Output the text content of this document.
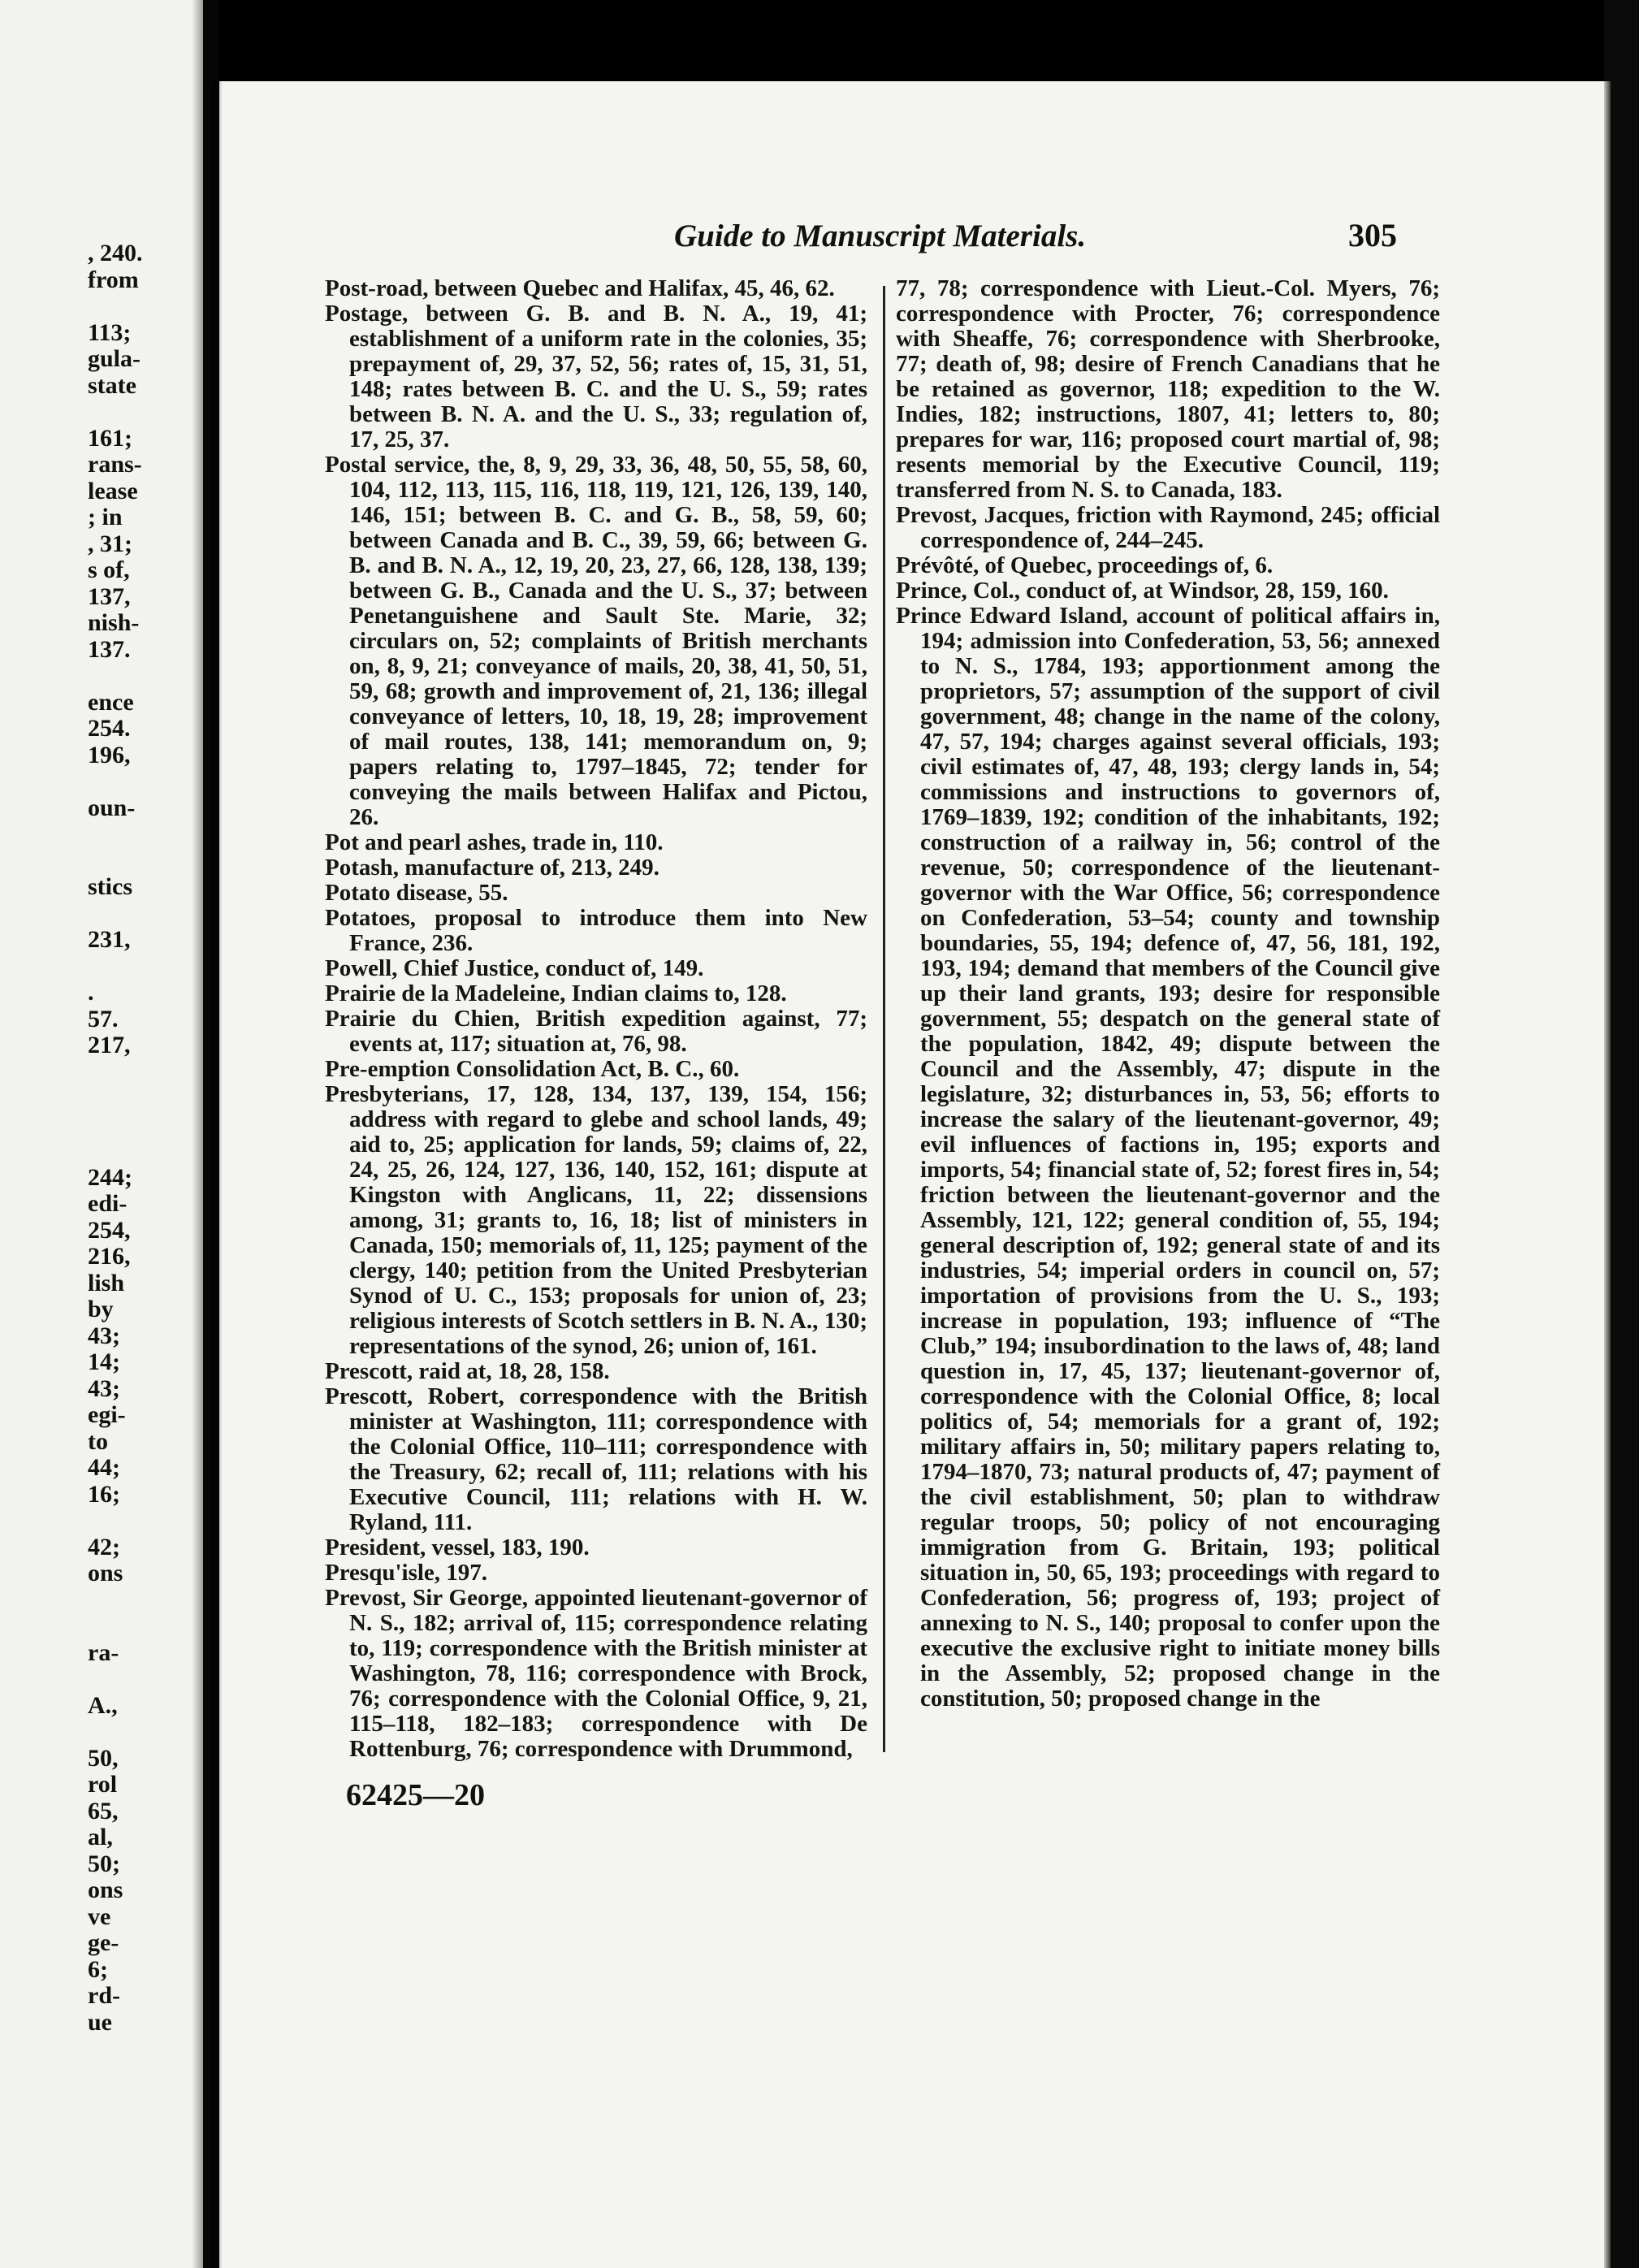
, 240.
from
113;
gula-
state
161;
rans-
lease
; in
, 31;
s of,
137,
nish-
137.
ence
254.
196,
oun-
stics
231,
.
57.
217,
244;
edi-
254,
216,
lish
by
43;
14;
43;
egi-
to
44;
16;
42;
ons
ra-
A.,
50,
rol
65,
al,
50;
ons
ve
ge-
6;
rd-
ue
Guide to Manuscript Materials.	305

Post-road, between Quebec and Halifax, 45, 46, 62.

Postage, between G. B. and B. N. A., 19, 41; establishment of a uniform rate in the colonies, 35; prepayment of, 29, 37, 52, 56; rates of, 15, 31, 51, 148; rates between B. C. and the U. S., 59; rates between B. N. A. and the U. S., 33; regulation of, 17, 25, 37.

Postal service, the, 8, 9, 29, 33, 36, 48, 50, 55, 58, 60, 104, 112, 113, 115, 116, 118, 119, 121, 126, 139, 140, 146, 151; between B. C. and G. B., 58, 59, 60; between Canada and B. C., 39, 59, 66; between G. B. and B. N. A., 12, 19, 20, 23, 27, 66, 128, 138, 139; between G. B., Canada and the U. S., 37; between Penetanguishene and Sault Ste. Marie, 32; circulars on, 52; complaints of British merchants on, 8, 9, 21; conveyance of mails, 20, 38, 41, 50, 51, 59, 68; growth and improvement of, 21, 136; illegal conveyance of letters, 10, 18, 19, 28; improvement of mail routes, 138, 141; memorandum on, 9; papers relating to, 1797–1845, 72; tender for conveying the mails between Halifax and Pictou, 26.

Pot and pearl ashes, trade in, 110.

Potash, manufacture of, 213, 249.

Potato disease, 55.

Potatoes, proposal to introduce them into New France, 236.

Powell, Chief Justice, conduct of, 149.

Prairie de la Madeleine, Indian claims to, 128.

Prairie du Chien, British expedition against, 77; events at, 117; situation at, 76, 98.

Pre-emption Consolidation Act, B. C., 60.

Presbyterians, 17, 128, 134, 137, 139, 154, 156; address with regard to glebe and school lands, 49; aid to, 25; application for lands, 59; claims of, 22, 24, 25, 26, 124, 127, 136, 140, 152, 161; dispute at Kingston with Anglicans, 11, 22; dissensions among, 31; grants to, 16, 18; list of ministers in Canada, 150; memorials of, 11, 125; payment of the clergy, 140; petition from the United Presbyterian Synod of U. C., 153; proposals for union of, 23; religious interests of Scotch settlers in B. N. A., 130; representations of the synod, 26; union of, 161.

Prescott, raid at, 18, 28, 158.

Prescott, Robert, correspondence with the British minister at Washington, 111; correspondence with the Colonial Office, 110–111; correspondence with the Treasury, 62; recall of, 111; relations with his Executive Council, 111; relations with H. W. Ryland, 111.

President, vessel, 183, 190.

Presqu'isle, 197.

Prevost, Sir George, appointed lieutenant-governor of N. S., 182; arrival of, 115; correspondence relating to, 119; correspondence with the British minister at Washington, 78, 116; correspondence with Brock, 76; correspondence with the Colonial Office, 9, 21, 115–118, 182–183; correspondence with De Rottenburg, 76; correspondence with Drummond,

77, 78; correspondence with Lieut.-Col. Myers, 76; correspondence with Procter, 76; correspondence with Sheaffe, 76; correspondence with Sherbrooke, 77; death of, 98; desire of French Canadians that he be retained as governor, 118; expedition to the W. Indies, 182; instructions, 1807, 41; letters to, 80; prepares for war, 116; proposed court martial of, 98; resents memorial by the Executive Council, 119; transferred from N. S. to Canada, 183.

Prevost, Jacques, friction with Raymond, 245; official correspondence of, 244–245.

Prévôté, of Quebec, proceedings of, 6.

Prince, Col., conduct of, at Windsor, 28, 159, 160.

Prince Edward Island, account of political affairs in, 194; admission into Confederation, 53, 56; annexed to N. S., 1784, 193; apportionment among the proprietors, 57; assumption of the support of civil government, 48; change in the name of the colony, 47, 57, 194; charges against several officials, 193; civil estimates of, 47, 48, 193; clergy lands in, 54; commissions and instructions to governors of, 1769–1839, 192; condition of the inhabitants, 192; construction of a railway in, 56; control of the revenue, 50; correspondence of the lieutenant-governor with the War Office, 56; correspondence on Confederation, 53–54; county and township boundaries, 55, 194; defence of, 47, 56, 181, 192, 193, 194; demand that members of the Council give up their land grants, 193; desire for responsible government, 55; despatch on the general state of the population, 1842, 49; dispute between the Council and the Assembly, 47; dispute in the legislature, 32; disturbances in, 53, 56; efforts to increase the salary of the lieutenant-governor, 49; evil influences of factions in, 195; exports and imports, 54; financial state of, 52; forest fires in, 54; friction between the lieutenant-governor and the Assembly, 121, 122; general condition of, 55, 194; general description of, 192; general state of and its industries, 54; imperial orders in council on, 57; importation of provisions from the U. S., 193; increase in population, 193; influence of “The Club,” 194; insubordination to the laws of, 48; land question in, 17, 45, 137; lieutenant-governor of, correspondence with the Colonial Office, 8; local politics of, 54; memorials for a grant of, 192; military affairs in, 50; military papers relating to, 1794–1870, 73; natural products of, 47; payment of the civil establishment, 50; plan to withdraw regular troops, 50; policy of not encouraging immigration from G. Britain, 193; political situation in, 50, 65, 193; proceedings with regard to Confederation, 56; progress of, 193; project of annexing to N. S., 140; proposal to confer upon the executive the exclusive right to initiate money bills in the Assembly, 52; proposed change in the constitution, 50; proposed change in the

62425—20
